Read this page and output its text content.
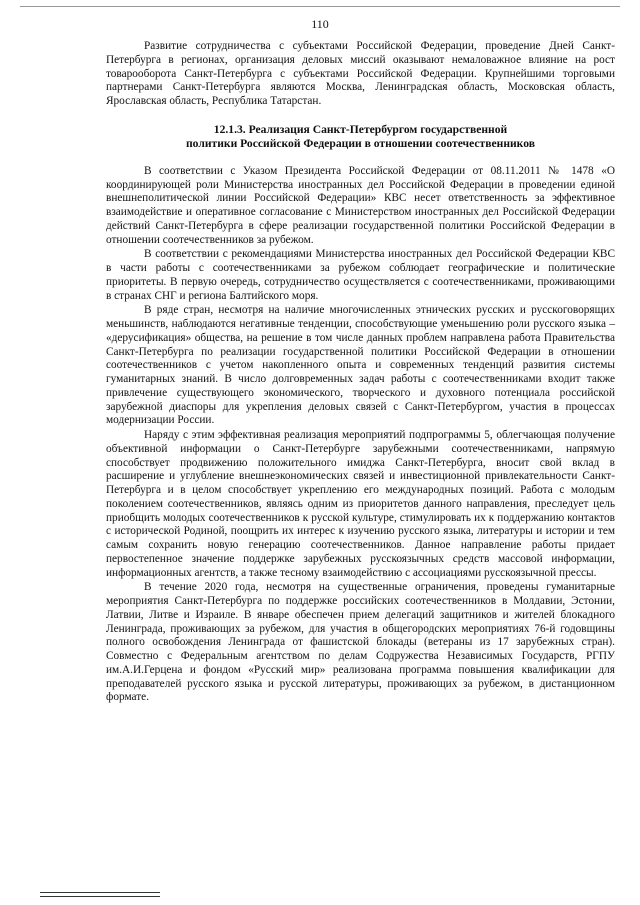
110

Развитие сотрудничества с субъектами Российской Федерации, проведение Дней Санкт-Петербурга в регионах, организация деловых миссий оказывают немаловажное влияние на рост товарооборота Санкт-Петербурга с субъектами Российской Федерации. Крупнейшими торговыми партнерами Санкт-Петербурга являются Москва, Ленинградская область, Московская область, Ярославская область, Республика Татарстан.

12.1.3. Реализация Санкт-Петербургом государственной
политики Российской Федерации в отношении соотечественников

В соответствии с Указом Президента Российской Федерации от 08.11.2011 № 1478 «О координирующей роли Министерства иностранных дел Российской Федерации в проведении единой внешнеполитической линии Российской Федерации» КВС несет ответственность за эффективное взаимодействие и оперативное согласование с Министерством иностранных дел Российской Федерации действий Санкт-Петербурга в сфере реализации государственной политики Российской Федерации в отношении соотечественников за рубежом.

В соответствии с рекомендациями Министерства иностранных дел Российской Федерации КВС в части работы с соотечественниками за рубежом соблюдает географические и политические приоритеты. В первую очередь, сотрудничество осуществляется с соотечественниками, проживающими в странах СНГ и региона Балтийского моря.

В ряде стран, несмотря на наличие многочисленных этнических русских и русскоговорящих меньшинств, наблюдаются негативные тенденции, способствующие уменьшению роли русского языка – «дерусификация» общества, на решение в том числе данных проблем направлена работа Правительства Санкт-Петербурга по реализации государственной политики Российской Федерации в отношении соотечественников с учетом накопленного опыта и современных тенденций развития системы гуманитарных знаний. В число долговременных задач работы с соотечественниками входит также привлечение существующего экономического, творческого и духовного потенциала российской зарубежной диаспоры для укрепления деловых связей с Санкт-Петербургом, участия в процессах модернизации России.

Наряду с этим эффективная реализация мероприятий подпрограммы 5, облегчающая получение объективной информации о Санкт-Петербурге зарубежными соотечественниками, напрямую способствует продвижению положительного имиджа Санкт-Петербурга, вносит свой вклад в расширение и углубление внешнеэкономических связей и инвестиционной привлекательности Санкт-Петербурга и в целом способствует укреплению его международных позиций. Работа с молодым поколением соотечественников, являясь одним из приоритетов данного направления, преследует цель приобщить молодых соотечественников к русской культуре, стимулировать их к поддержанию контактов с исторической Родиной, поощрить их интерес к изучению русского языка, литературы и истории и тем самым сохранить новую генерацию соотечественников. Данное направление работы придает первостепенное значение поддержке зарубежных русскоязычных средств массовой информации, информационных агентств, а также тесному взаимодействию с ассоциациями русскоязычной прессы.

В течение 2020 года, несмотря на существенные ограничения, проведены гуманитарные мероприятия Санкт-Петербурга по поддержке российских соотечественников в Молдавии, Эстонии, Латвии, Литве и Израиле. В январе обеспечен прием делегаций защитников и жителей блокадного Ленинграда, проживающих за рубежом, для участия в общегородских мероприятиях 76-й годовщины полного освобождения Ленинграда от фашистской блокады (ветераны из 17 зарубежных стран). Совместно с Федеральным агентством по делам Содружества Независимых Государств, РГПУ им.А.И.Герцена и фондом «Русский мир» реализована программа повышения квалификации для преподавателей русского языка и русской литературы, проживающих за рубежом, в дистанционном формате.
